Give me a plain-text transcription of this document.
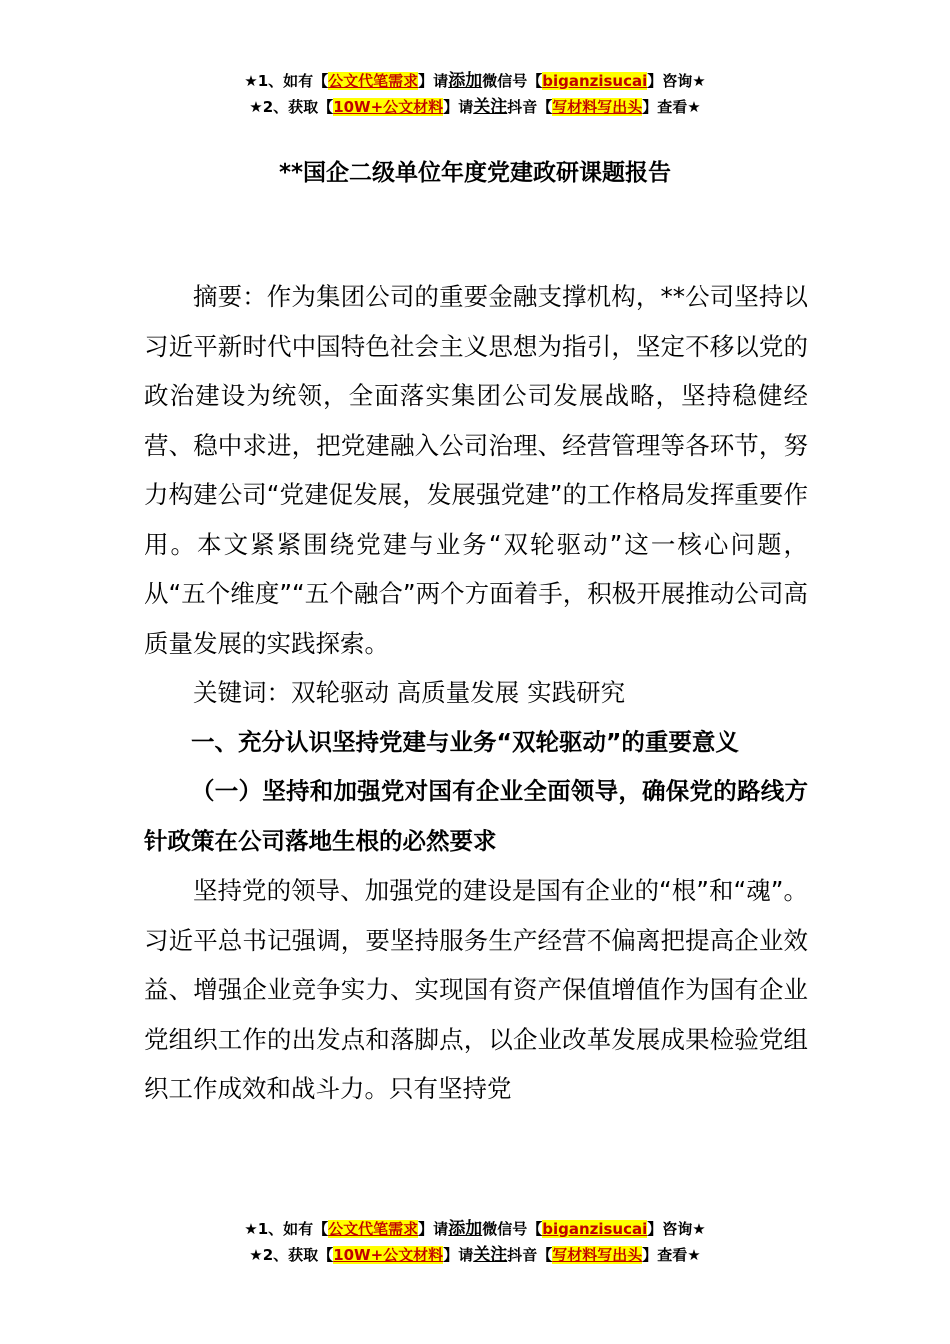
★1、如有【公文代笔需求】请添加微信号【biganzisucai】咨询★
★2、获取【10W+公文材料】请关注抖音【写材料写出头】查看★
**国企二级单位年度党建政研课题报告

摘要：作为集团公司的重要金融支撑机构，**公司坚持以习近平新时代中国特色社会主义思想为指引，坚定不移以党的政治建设为统领，全面落实集团公司发展战略，坚持稳健经营、稳中求进，把党建融入公司治理、经营管理等各环节，努力构建公司“党建促发展，发展强党建”的工作格局发挥重要作用。本文紧紧围绕党建与业务“双轮驱动”这一核心问题，从“五个维度”“五个融合”两个方面着手，积极开展推动公司高质量发展的实践探索。

关键词：双轮驱动 高质量发展 实践研究

一、充分认识坚持党建与业务“双轮驱动”的重要意义

（一）坚持和加强党对国有企业全面领导，确保党的路线方针政策在公司落地生根的必然要求

坚持党的领导、加强党的建设是国有企业的“根”和“魂”。习近平总书记强调，要坚持服务生产经营不偏离把提高企业效益、增强企业竞争实力、实现国有资产保值增值作为国有企业党组织工作的出发点和落脚点，以企业改革发展成果检验党组织工作成效和战斗力。只有坚持党

★1、如有【公文代笔需求】请添加微信号【biganzisucai】咨询★
★2、获取【10W+公文材料】请关注抖音【写材料写出头】查看★
